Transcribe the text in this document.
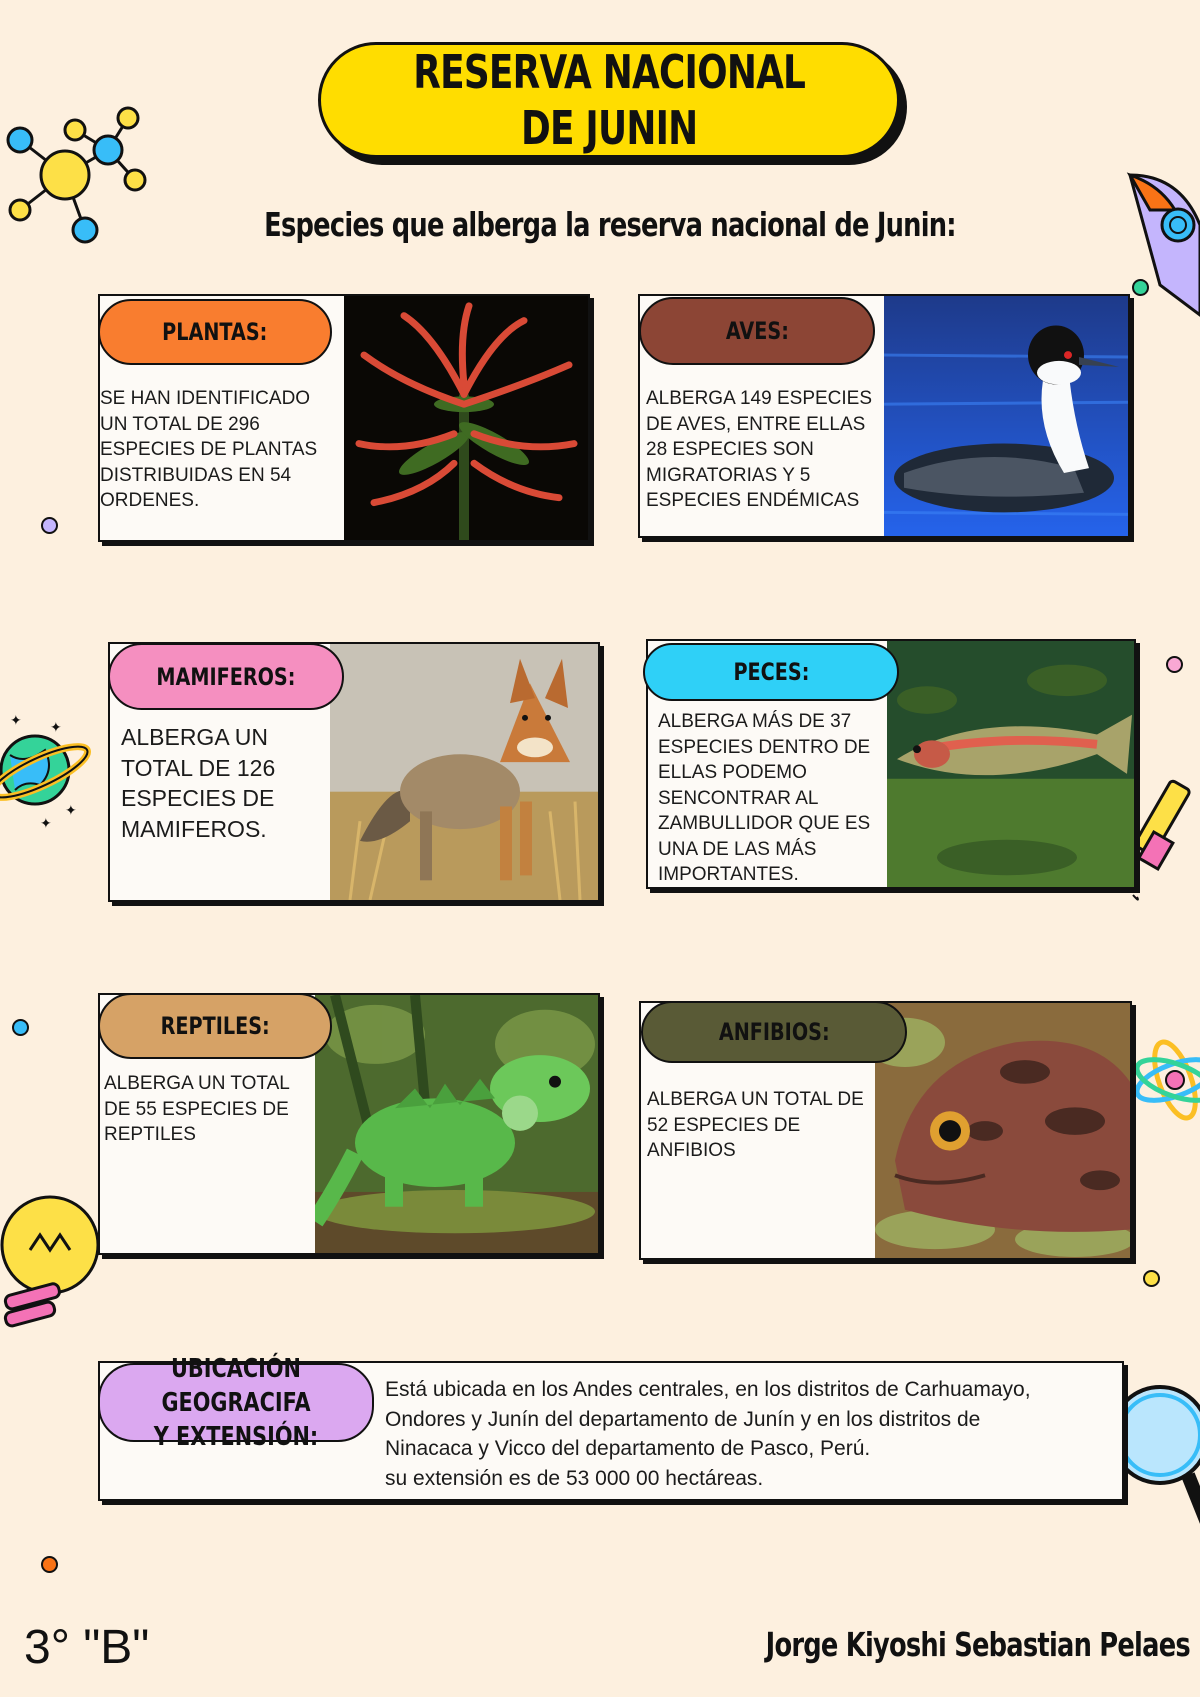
✦ ✦
✦
✦
RESERVA NACIONAL
DE JUNIN
Especies que alberga la reserva nacional de Junin:
SE HAN IDENTIFICADO UN TOTAL DE 296 ESPECIES DE PLANTAS DISTRIBUIDAS EN 54 ORDENES.
PLANTAS:
ALBERGA 149 ESPECIES DE AVES, ENTRE ELLAS 28 ESPECIES SON MIGRATORIAS Y 5 ESPECIES ENDÉMICAS
AVES:
ALBERGA UN TOTAL DE 126 ESPECIES DE MAMIFEROS.
MAMIFEROS:
ALBERGA MÁS DE 37 ESPECIES DENTRO DE ELLAS PODEMO SENCONTRAR AL ZAMBULLIDOR QUE ES UNA DE LAS MÁS IMPORTANTES.
PECES:
ALBERGA UN TOTAL DE 55 ESPECIES DE REPTILES
REPTILES:
ALBERGA UN TOTAL DE 52 ESPECIES DE ANFIBIOS
ANFIBIOS:
Está ubicada en los Andes centrales, en los distritos de Carhuamayo,
Ondores y Junín del departamento de Junín y en los distritos de
Ninacaca y Vicco del departamento de Pasco, Perú.
su extensión es de 53 000 00 hectáreas.
UBICACIÓN GEOGRACIFA
Y EXTENSIÓN:
3° "B"	Jorge Kiyoshi Sebastian Pelaes
